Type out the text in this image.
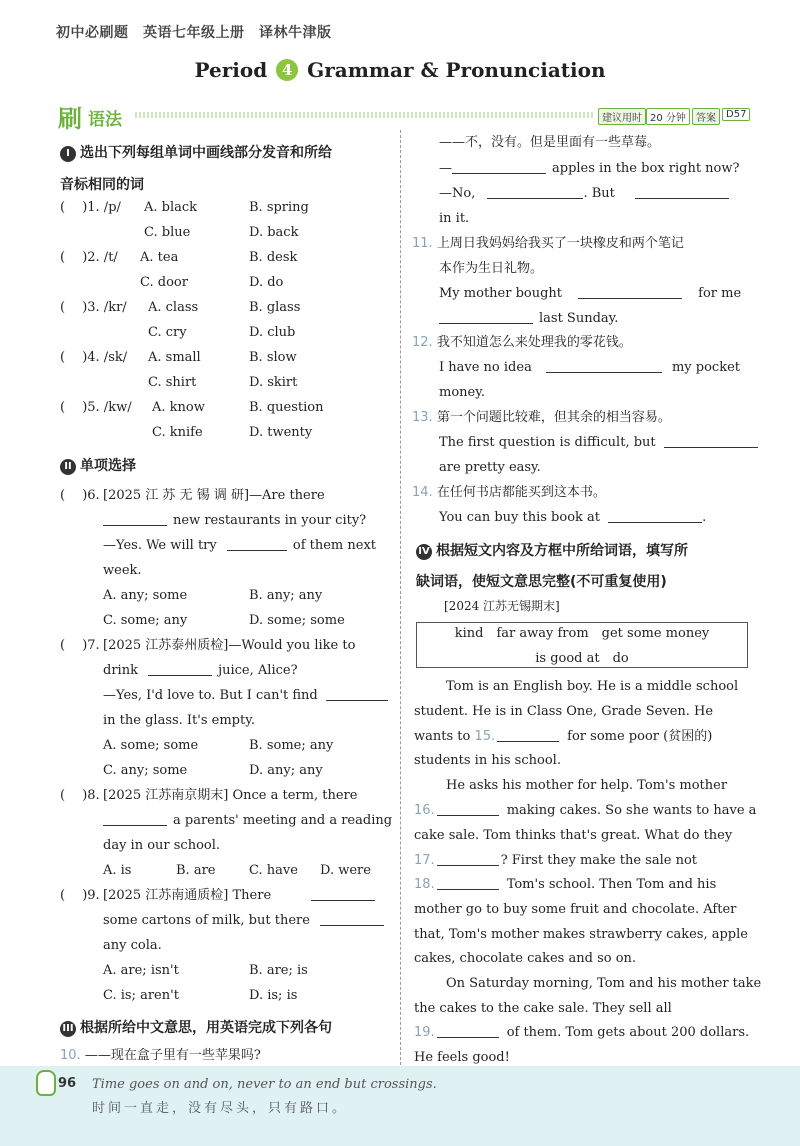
初中必刷题　英语七年级上册　译林牛津版
Period 4 Grammar & Pronunciation
刷 语法	建议用时 20 分钟	答案	D57
I 选出下列每组单词中画线部分发音和所给
音标相同的词
( 　)1. /p/ A. black	B. spring
C. blue	D. back
( 　)2. /t/ A. tea	B. desk
C. door	D. do
( 　)3. /kr/ A. class	B. glass
C. cry	D. club
( 　)4. /sk/ A. small	B. slow
C. shirt	D. skirt
( 　)5. /kw/ A. know	B. question
C. knife	D. twenty
II 单项选择
( 　)6. [2025 江 苏 无 锡 调 研]—Are there
new restaurants in your city?
—Yes. We will try	of them next
week.
A. any; some	B. any; any
C. some; any	D. some; some
( 　)7. [2025 江苏泰州质检]—Would you like to
drink	juice, Alice?
—Yes, I'd love to. But I can't find
in the glass. It's empty.
A. some; some	B. some; any
C. any; some	D. any; any
( 　)8. [2025 江苏南京期末] Once a term, there
a parents' meeting and a reading
day in our school.
A. is	B. are	C. have D. were
( 　)9. [2025 江苏南通质检] There
some cartons of milk, but there
any cola.
A. are; isn't	B. are; is
C. is; aren't	D. is; is
III 根据所给中文意思，用英语完成下列各句
10. ——现在盒子里有一些苹果吗?
——不，没有。但是里面有一些草莓。
—	apples in the box right now?
—No,	. But
in it.
11. 上周日我妈妈给我买了一块橡皮和两个笔记
本作为生日礼物。
My mother bought	for me
last Sunday.
12. 我不知道怎么来处理我的零花钱。
I have no idea	my pocket
money.
13. 第一个问题比较难，但其余的相当容易。
The first question is difficult, but
are pretty easy.
14. 在任何书店都能买到这本书。
You can buy this book at	.
IV 根据短文内容及方框中所给词语，填写所
缺词语，使短文意思完整(不可重复使用)
[2024 江苏无锡期末]
kind　far away from　get some money
is good at　do
Tom is an English boy. He is a middle school
student. He is in Class One, Grade Seven. He
wants to 15.	for some poor (贫困的)
students in his school.
He asks his mother for help. Tom's mother
16.	making cakes. So she wants to have a
cake sale. Tom thinks that's great. What do they
17.	? First they make the sale not
18.	Tom's school. Then Tom and his
mother go to buy some fruit and chocolate. After
that, Tom's mother makes strawberry cakes, apple
cakes, chocolate cakes and so on.
On Saturday morning, Tom and his mother take
the cakes to the cake sale. They sell all
19.	of them. Tom gets about 200 dollars.
He feels good!
96 Time goes on and on, never to an end but crossings.
时间一直走，没有尽头，只有路口。
